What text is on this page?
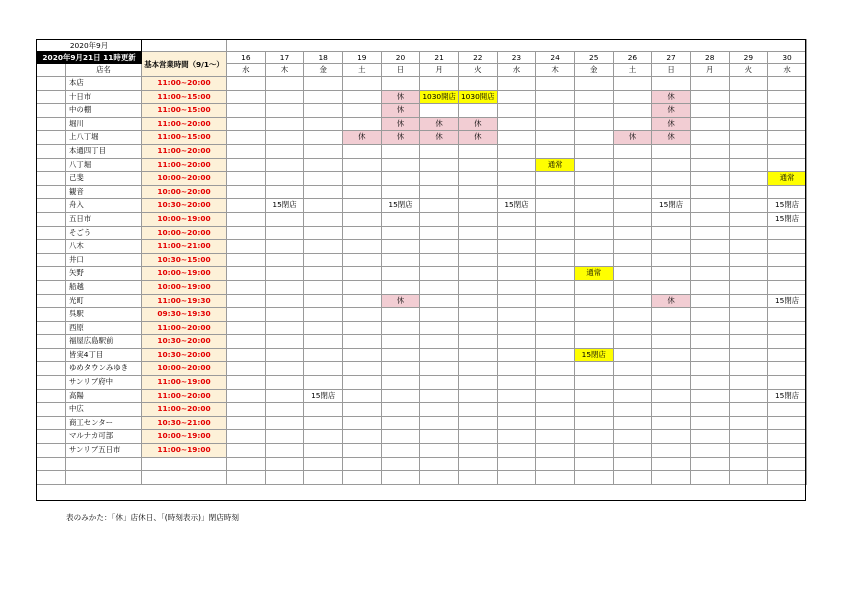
2020年9月																	
2020年9月21日 11時更新		基本営業時間（9/1～）	16	17	18	19	20	21	22	23	24	25	26	27	28	29	30
	店名		水	木	金	土	日	月	火	水	木	金	土	日	月	火	水
	本店	11:00~20:00															
	十日市	11:00~15:00					休	1030開店	1030開店					休			
	中の棚	11:00~15:00					休							休			
	堀川	11:00~20:00					休	休	休					休			
	上八丁堀	11:00~15:00				休	休	休	休				休	休			
	本通四丁目	11:00~20:00															
	八丁堀	11:00~20:00									通常						
	己斐	10:00~20:00															通常
	観音	10:00~20:00															
	舟入	10:30~20:00		15閉店			15閉店			15閉店				15閉店			15閉店
	五日市	10:00~19:00															15閉店
	そごう	10:00~20:00															
	八木	11:00~21:00															
	井口	10:30~15:00															
	矢野	10:00~19:00										通常					
	船越	10:00~19:00															
	光町	11:00~19:30					休							休			15閉店
	呉駅	09:30~19:30															
	西原	11:00~20:00															
	福屋広島駅前	10:30~20:00															
	皆実4丁目	10:30~20:00										15閉店					
	ゆめタウンみゆき	10:00~20:00															
	サンリブ府中	11:00~19:00															
	高陽	11:00~20:00			15閉店												15閉店
	中広	11:00~20:00															
	商工センター	10:30~21:00															
	マルナカ可部	10:00~19:00															
	サンリブ五日市	11:00~19:00															

表のみかた：「休」店休日、「(時刻表示)」閉店時刻
